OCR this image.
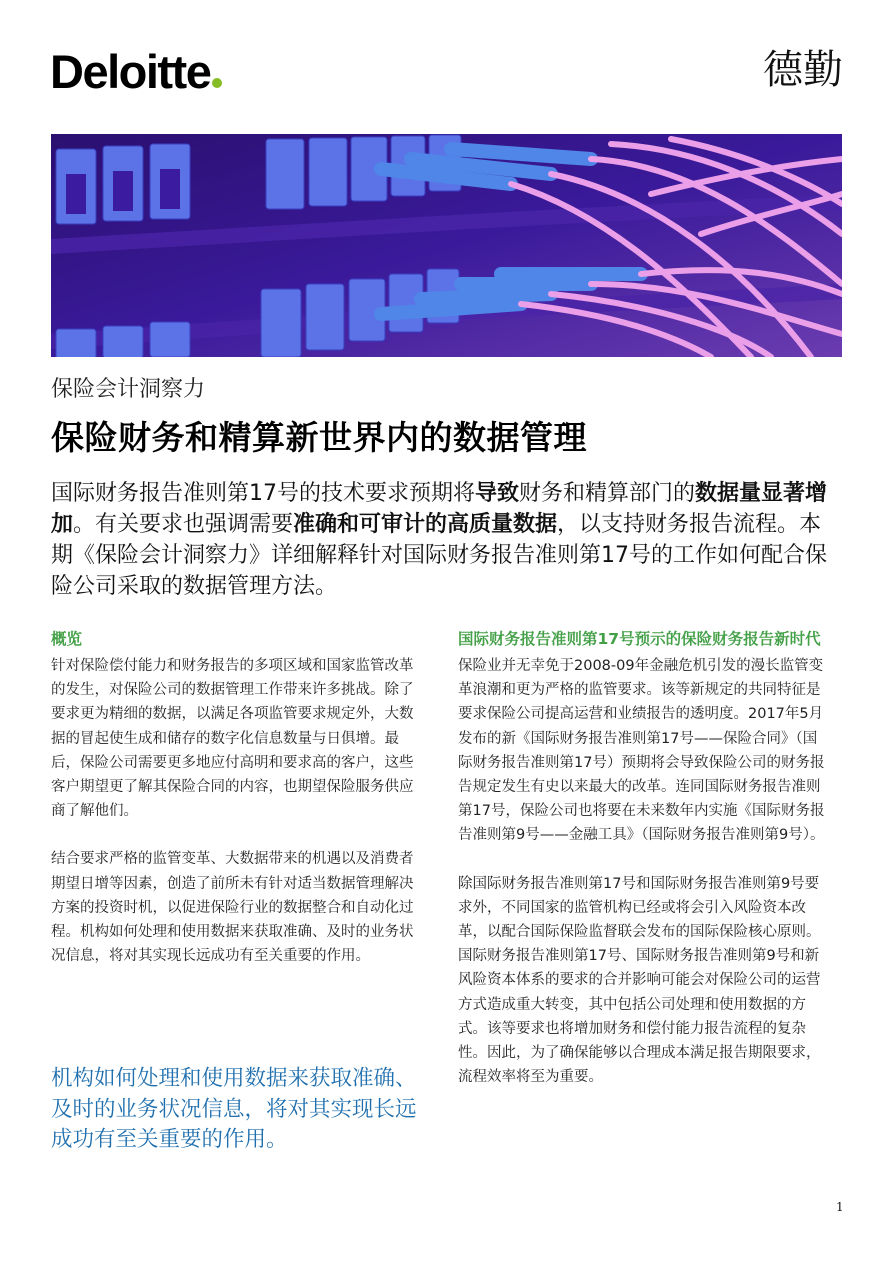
Deloitte	德勤
保险会计洞察力
保险财务和精算新世界内的数据管理
国际财务报告准则第17号的技术要求预期将导致财务和精算部门的数据量显著增加。有关要求也强调需要准确和可审计的高质量数据，以支持财务报告流程。本期《保险会计洞察力》详细解释针对国际财务报告准则第17号的工作如何配合保险公司采取的数据管理方法。
概览

针对保险偿付能力和财务报告的多项区域和国家监管改革的发生，对保险公司的数据管理工作带来许多挑战。除了要求更为精细的数据，以满足各项监管要求规定外，大数据的冒起使生成和储存的数字化信息数量与日俱增。最后，保险公司需要更多地应付高明和要求高的客户，这些客户期望更了解其保险合同的内容，也期望保险服务供应商了解他们。

结合要求严格的监管变革、大数据带来的机遇以及消费者期望日增等因素，创造了前所未有针对适当数据管理解决方案的投资时机，以促进保险行业的数据整合和自动化过程。机构如何处理和使用数据来获取准确、及时的业务状况信息，将对其实现长远成功有至关重要的作用。

机构如何处理和使用数据来获取准确、及时的业务状况信息，将对其实现长远成功有至关重要的作用。
国际财务报告准则第17号预示的保险财务报告新时代

保险业并无幸免于2008-09年金融危机引发的漫长监管变革浪潮和更为严格的监管要求。该等新规定的共同特征是要求保险公司提高运营和业绩报告的透明度。2017年5月发布的新《国际财务报告准则第17号——保险合同》（国际财务报告准则第17号）预期将会导致保险公司的财务报告规定发生有史以来最大的改革。连同国际财务报告准则第17号，保险公司也将要在未来数年内实施《国际财务报告准则第9号——金融工具》（国际财务报告准则第9号）。

除国际财务报告准则第17号和国际财务报告准则第9号要求外，不同国家的监管机构已经或将会引入风险资本改革，以配合国际保险监督联会发布的国际保险核心原则。国际财务报告准则第17号、国际财务报告准则第9号和新风险资本体系的要求的合并影响可能会对保险公司的运营方式造成重大转变，其中包括公司处理和使用数据的方式。该等要求也将增加财务和偿付能力报告流程的复杂性。因此，为了确保能够以合理成本满足报告期限要求，流程效率将至为重要。

1
